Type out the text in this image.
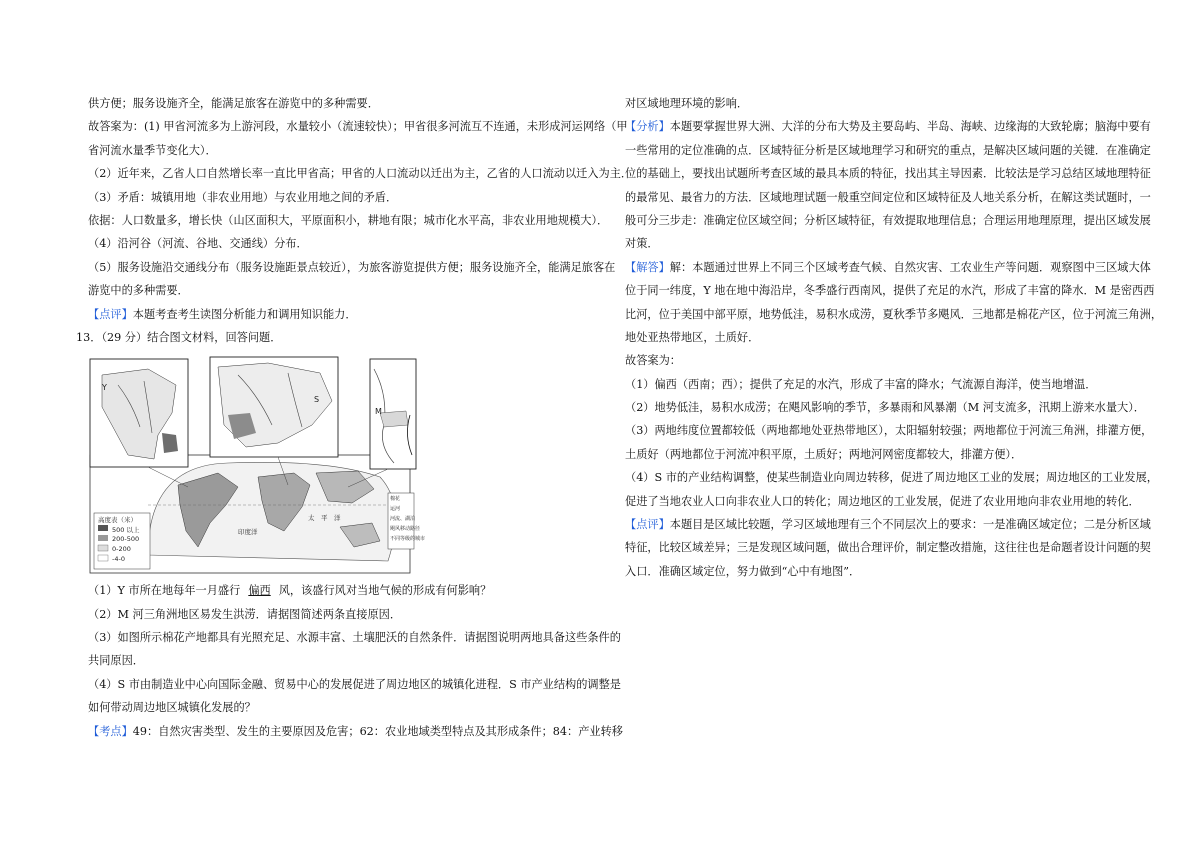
供方便；服务设施齐全，能满足旅客在游览中的多种需要．
故答案为：(1) 甲省河流多为上游河段，水量较小（流速较快）；甲省很多河流互不连通，未形成河运网络（甲
省河流水量季节变化大）．
（2）近年来，乙省人口自然增长率一直比甲省高；甲省的人口流动以迁出为主，乙省的人口流动以迁入为主．
（3）矛盾：城镇用地（非农业用地）与农业用地之间的矛盾．
依据：人口数量多，增长快（山区面积大，平原面积小，耕地有限；城市化水平高，非农业用地规模大）．
（4）沿河谷（河流、谷地、交通线）分布．
（5）服务设施沿交通线分布（服务设施距景点较近），为旅客游览提供方便；服务设施齐全，能满足旅客在
游览中的多种需要．
【点评】本题考查考生读图分析能力和调用知识能力．
13．（29 分）结合图文材料，回答问题．
Y
S
M
高度表（米）
500 以上
200-500
0-200
-4-0
棉花
运河
河流、湖泊
飓风移动路径
不同等级的城市
太　平　洋
印度洋
（1）Y 市所在地每年一月盛行 偏西 风，该盛行风对当地气候的形成有何影响？
（2）M 河三角洲地区易发生洪涝．请据图简述两条直接原因．
（3）如图所示棉花产地都具有光照充足、水源丰富、土壤肥沃的自然条件．请据图说明两地具备这些条件的
共同原因．
（4）S 市由制造业中心向国际金融、贸易中心的发展促进了周边地区的城镇化进程．S 市产业结构的调整是
如何带动周边地区城镇化发展的？
【考点】49：自然灾害类型、发生的主要原因及危害；62：农业地域类型特点及其形成条件；84：产业转移
对区域地理环境的影响．
【分析】本题要掌握世界大洲、大洋的分布大势及主要岛屿、半岛、海峡、边缘海的大致轮廓；脑海中要有
一些常用的定位准确的点．区域特征分析是区域地理学习和研究的重点，是解决区域问题的关键．在准确定
位的基础上，要找出试题所考查区域的最具本质的特征，找出其主导因素．比较法是学习总结区域地理特征
的最常见、最省力的方法．区域地理试题一般重空间定位和区域特征及人地关系分析，在解这类试题时，一
般可分三步走：准确定位区域空间；分析区域特征，有效提取地理信息；合理运用地理原理，提出区域发展
对策．
【解答】解：本题通过世界上不同三个区域考查气候、自然灾害、工农业生产等问题．观察图中三区域大体
位于同一纬度，Y 地在地中海沿岸，冬季盛行西南风，提供了充足的水汽，形成了丰富的降水．M 是密西西
比河，位于美国中部平原，地势低洼，易积水成涝，夏秋季节多飓风．三地都是棉花产区，位于河流三角洲，
地处亚热带地区，土质好．
故答案为：
（1）偏西（西南；西）；提供了充足的水汽，形成了丰富的降水；气流源自海洋，使当地增温．
（2）地势低洼，易积水成涝；在飓风影响的季节，多暴雨和风暴潮（M 河支流多，汛期上游来水量大）．
（3）两地纬度位置都较低（两地都地处亚热带地区），太阳辐射较强；两地都位于河流三角洲，排灌方便，
土质好（两地都位于河流冲积平原，土质好；两地河网密度都较大，排灌方便）．
（4）S 市的产业结构调整，使某些制造业向周边转移，促进了周边地区工业的发展；周边地区的工业发展，
促进了当地农业人口向非农业人口的转化；周边地区的工业发展，促进了农业用地向非农业用地的转化．
【点评】本题目是区域比较题，学习区域地理有三个不同层次上的要求：一是准确区域定位；二是分析区域
特征，比较区域差异；三是发现区域问题，做出合理评价，制定整改措施，这往往也是命题者设计问题的契
入口．准确区域定位，努力做到“心中有地图”．
